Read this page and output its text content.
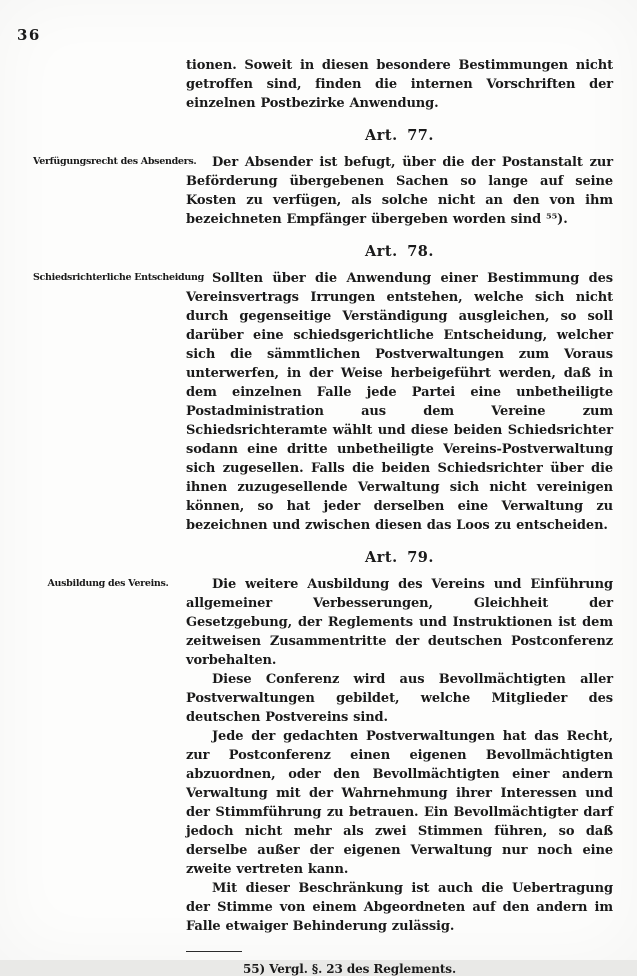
36

tionen. Soweit in diesen besondere Bestimmungen nicht getroffen sind, finden die internen Vorschriften der einzelnen Postbezirke Anwendung.

Art. 77.
Verfügungsrecht des Absenders.	Der Absender ist befugt, über die der Postanstalt zur Beförderung übergebenen Sachen so lange auf seine Kosten zu verfügen, als solche nicht an den von ihm bezeichneten Empfänger übergeben worden sind ⁵⁵).

Art. 78.
Schiedsrichterliche Entscheidung Sollten über die Anwendung einer Bestimmung des Vereinsvertrags Irrungen entstehen, welche sich nicht durch gegenseitige Verständigung ausgleichen, so soll darüber eine schiedsgerichtliche Entscheidung, welcher sich die sämmtlichen Postverwaltungen zum Voraus unterwerfen, in der Weise herbeigeführt werden, daß in dem einzelnen Falle jede Partei eine unbetheiligte Postadministration aus dem Vereine zum Schiedsrichteramte wählt und diese beiden Schiedsrichter sodann eine dritte unbetheiligte Vereins-Postverwaltung sich zugesellen. Falls die beiden Schiedsrichter über die ihnen zuzugesellende Verwaltung sich nicht vereinigen können, so hat jeder derselben eine Verwaltung zu bezeichnen und zwischen diesen das Loos zu entscheiden.

Art. 79.
Ausbildung des Vereins.	Die weitere Ausbildung des Vereins und Einführung allgemeiner Verbesserungen, Gleichheit der Gesetzgebung, der Reglements und Instruktionen ist dem zeitweisen Zusammentritte der deutschen Postconferenz vorbehalten.

Diese Conferenz wird aus Bevollmächtigten aller Postverwaltungen gebildet, welche Mitglieder des deutschen Postvereins sind.

Jede der gedachten Postverwaltungen hat das Recht, zur Postconferenz einen eigenen Bevollmächtigten abzuordnen, oder den Bevollmächtigten einer andern Verwaltung mit der Wahrnehmung ihrer Interessen und der Stimmführung zu betrauen. Ein Bevollmächtigter darf jedoch nicht mehr als zwei Stimmen führen, so daß derselbe außer der eigenen Verwaltung nur noch eine zweite vertreten kann.

Mit dieser Beschränkung ist auch die Uebertragung der Stimme von einem Abgeordneten auf den andern im Falle etwaiger Behinderung zulässig.

55) Vergl. §. 23 des Reglements.
